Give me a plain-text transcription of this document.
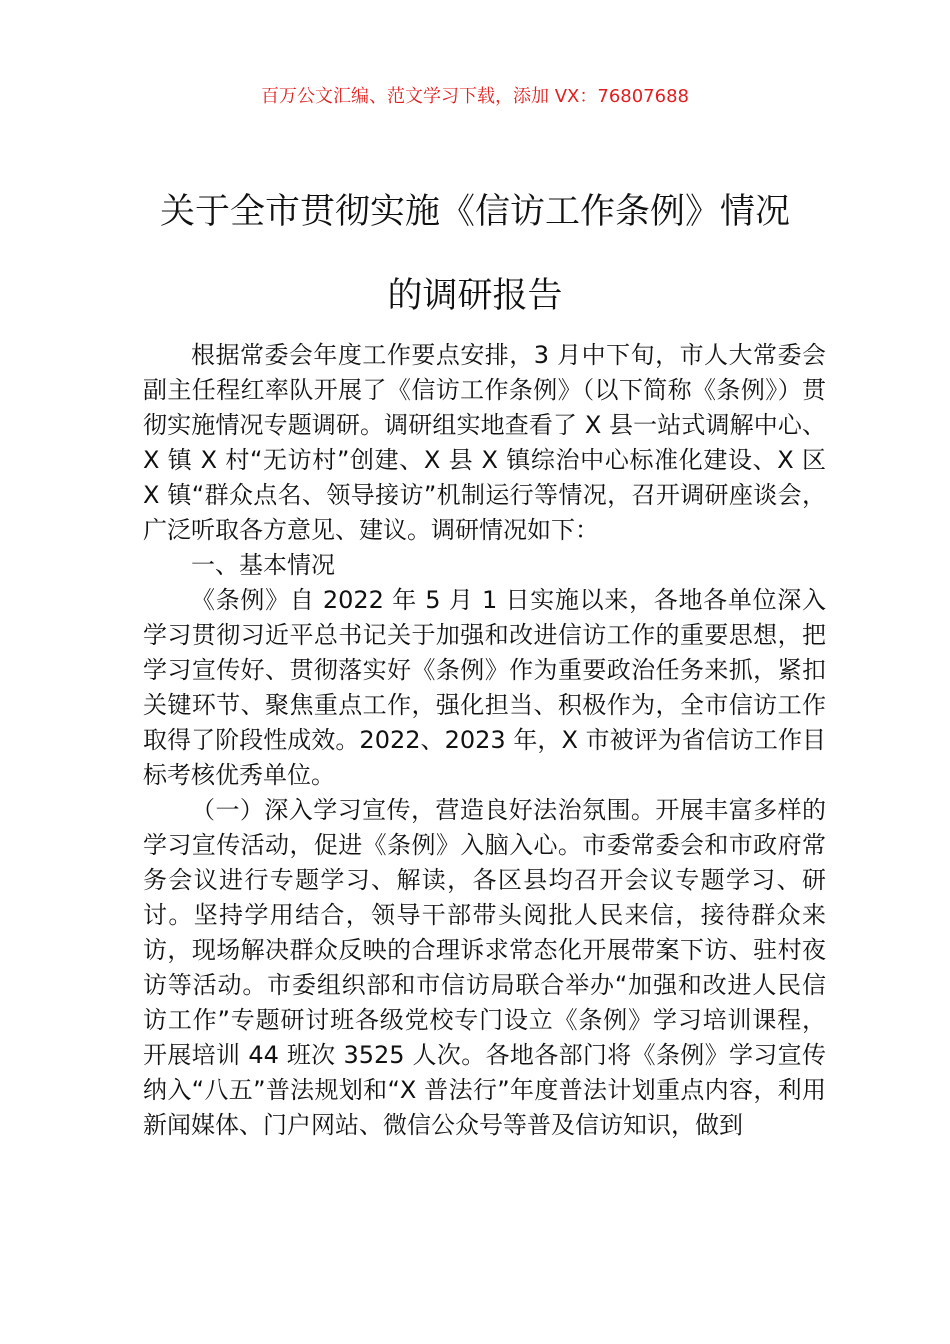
百万公文汇编、范文学习下载，添加 VX：76807688
关于全市贯彻实施《信访工作条例》情况
的调研报告

根据常委会年度工作要点安排，3 月中下旬，市人大常委会副主任程红率队开展了《信访工作条例》（以下简称《条例》）贯彻实施情况专题调研。调研组实地查看了 X 县一站式调解中心、X 镇 X 村“无访村”创建、X 县 X 镇综治中心标准化建设、X 区 X 镇“群众点名、领导接访”机制运行等情况，召开调研座谈会，广泛听取各方意见、建议。调研情况如下：

一、基本情况

《条例》自 2022 年 5 月 1 日实施以来，各地各单位深入学习贯彻习近平总书记关于加强和改进信访工作的重要思想，把学习宣传好、贯彻落实好《条例》作为重要政治任务来抓，紧扣关键环节、聚焦重点工作，强化担当、积极作为，全市信访工作取得了阶段性成效。2022、2023 年，X 市被评为省信访工作目标考核优秀单位。

（一）深入学习宣传，营造良好法治氛围。开展丰富多样的学习宣传活动，促进《条例》入脑入心。市委常委会和市政府常务会议进行专题学习、解读，各区县均召开会议专题学习、研讨。坚持学用结合，领导干部带头阅批人民来信，接待群众来访，现场解决群众反映的合理诉求常态化开展带案下访、驻村夜访等活动。市委组织部和市信访局联合举办“加强和改进人民信访工作”专题研讨班各级党校专门设立《条例》学习培训课程，开展培训 44 班次 3525 人次。各地各部门将《条例》学习宣传纳入“八五”普法规划和“X 普法行”年度普法计划重点内容，利用新闻媒体、门户网站、微信公众号等普及信访知识，做到
